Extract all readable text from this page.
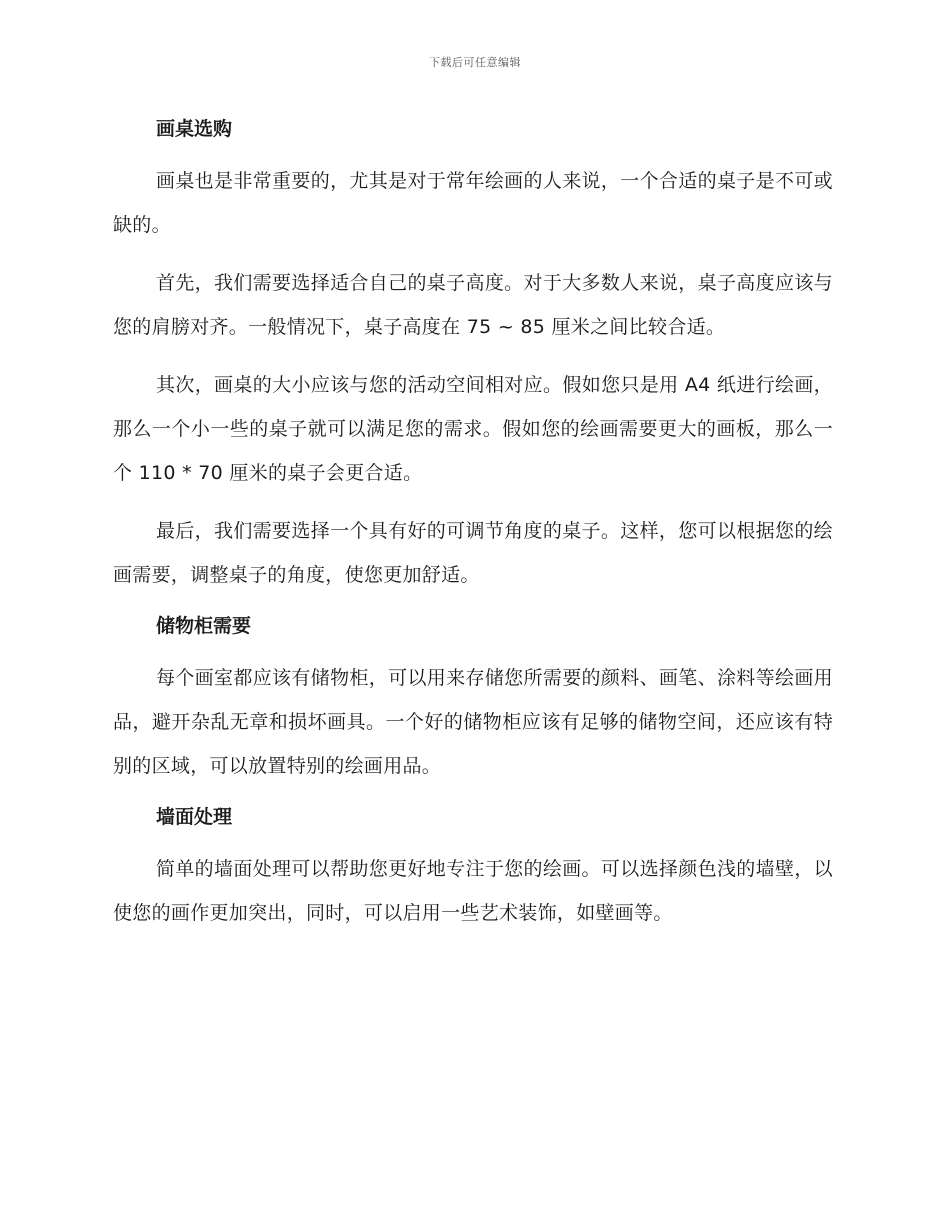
下载后可任意编辑
画桌选购

画桌也是非常重要的，尤其是对于常年绘画的人来说，一个合适的桌子是不可或缺的。

首先，我们需要选择适合自己的桌子高度。对于大多数人来说，桌子高度应该与您的肩膀对齐。一般情况下，桌子高度在 75 ~ 85 厘米之间比较合适。

其次，画桌的大小应该与您的活动空间相对应。假如您只是用 A4 纸进行绘画，那么一个小一些的桌子就可以满足您的需求。假如您的绘画需要更大的画板，那么一个 110 * 70 厘米的桌子会更合适。

最后，我们需要选择一个具有好的可调节角度的桌子。这样，您可以根据您的绘画需要，调整桌子的角度，使您更加舒适。

储物柜需要

每个画室都应该有储物柜，可以用来存储您所需要的颜料、画笔、涂料等绘画用品，避开杂乱无章和损坏画具。一个好的储物柜应该有足够的储物空间，还应该有特别的区域，可以放置特别的绘画用品。

墙面处理

简单的墙面处理可以帮助您更好地专注于您的绘画。可以选择颜色浅的墙壁，以使您的画作更加突出，同时，可以启用一些艺术装饰，如壁画等。
